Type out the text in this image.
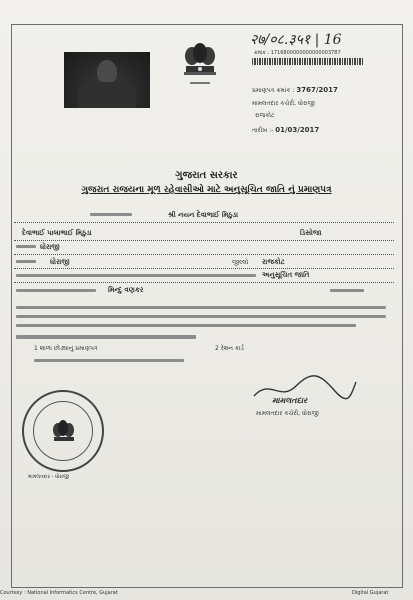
२७/०८.३५१ | 16
ક્રમાંક : 1716800000000000003787
પ્રમાણપત્ર ક્રમાંક : 3767/2017
મામલતદાર કચેરી, ધોરાજી
રાજકોટ
તારીખ :- 01/03/2017
ગુજરાત સરકાર
ગુજરાત રાજયના મૂળ રહેવાસીઓ માટે અનુસૂચિત જાતિ નું પ્રમાણપત્ર
શ્રી નયન દેવાભાઈ મિઠુડા
દેવાભાઈ પાલાભાઈ મિઠુડા	ડિસોજા
ધોરાજી
ધોરાજી	જીલ્લો રાજકોટ
અનુસૂચિત જાતિ
મિન્દુ વણકર
1 શાળા છોડ્યાનું પ્રમાણપત્ર	2 રેશન કાર્ડ
મામલતદાર - ધોરાજી
મામલતદાર
મામલતદાર કચેરી, ધોરાજી
Courtesy : National Informatics Centre, Gujarat	Digital Gujarat
